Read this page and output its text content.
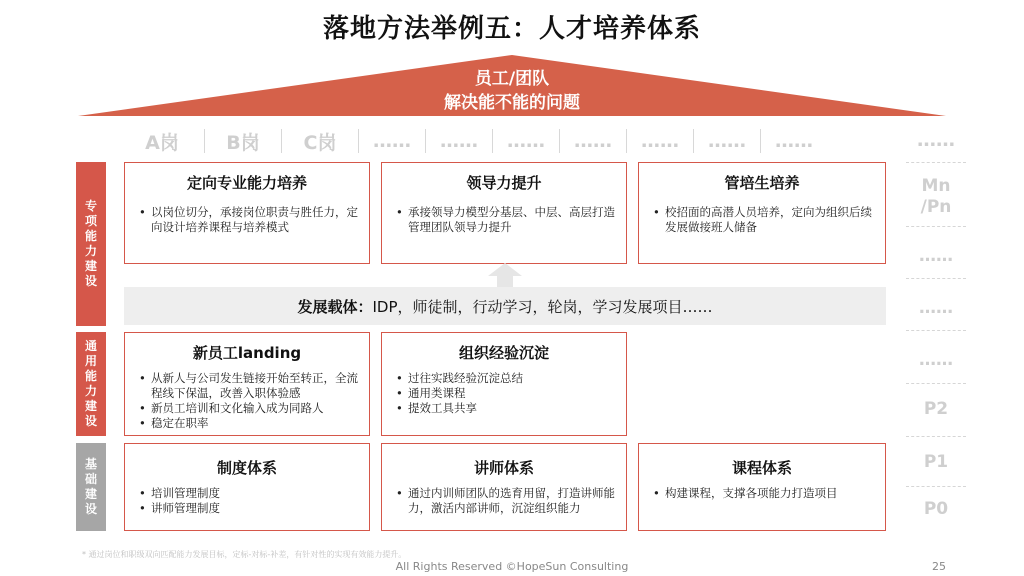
落地方法举例五：人才培养体系
员工/团队
解决能不能的问题
A岗	B岗	C岗	……	……	……	……	……	……	……	……
Mn
/Pn
……
……
……
P2
P1
P0
专
项
能
力
建
设
通
用
能
力
建
设
基
础
建
设
定向专业能力培养
• 以岗位切分，承接岗位职责与胜任力，定向设计培养课程与培养模式
领导力提升
• 承接领导力模型分基层、中层、高层打造管理团队领导力提升
管培生培养
• 校招面的高潜人员培养，定向为组织后续发展做接班人储备
发展载体： IDP，师徒制，行动学习，轮岗，学习发展项目……
新员工landing
• 从新人与公司发生链接开始至转正，全流程线下保温，改善入职体验感
• 新员工培训和文化输入成为同路人
• 稳定在职率
组织经验沉淀
• 过往实践经验沉淀总结
• 通用类课程
• 提效工具共享
制度体系
• 培训管理制度
• 讲师管理制度
讲师体系
• 通过内训师团队的选育用留，打造讲师能力，激活内部讲师，沉淀组织能力
课程体系
• 构建课程，支撑各项能力打造项目
* 通过岗位和职级双向匹配能力发展目标，定标-对标-补差，有针对性的实现有效能力提升。
All Rights Reserved ©HopeSun Consulting	25
